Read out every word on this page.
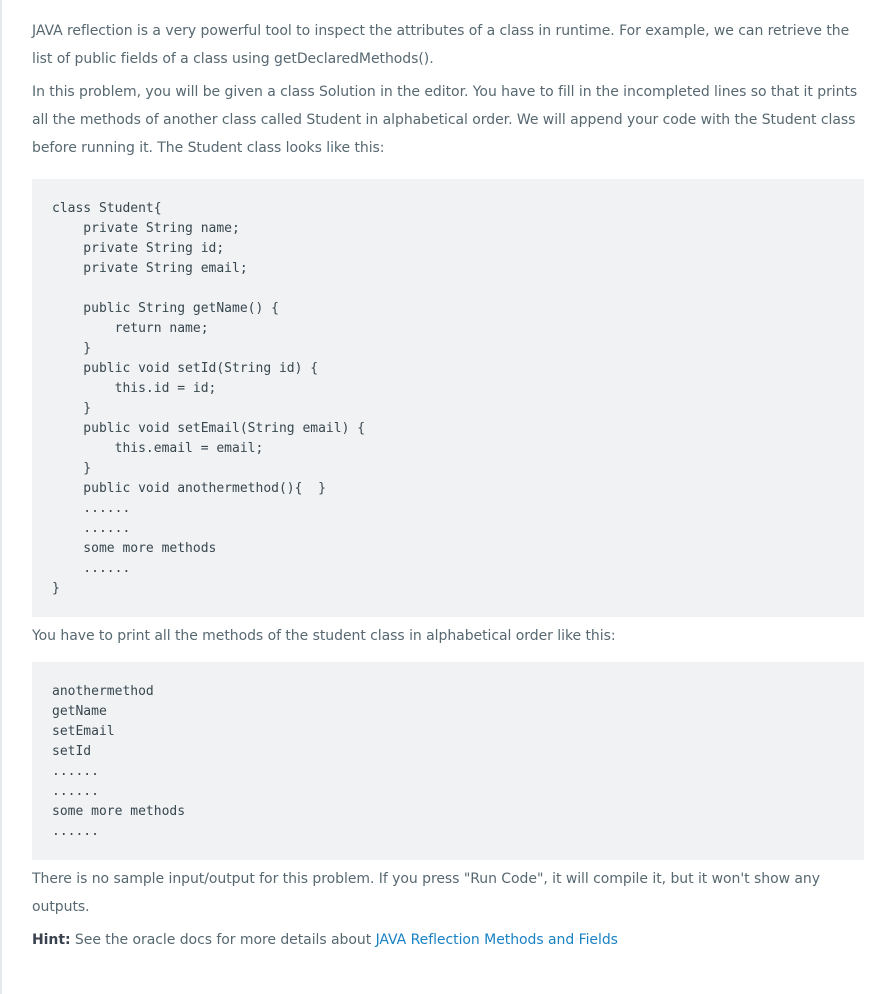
JAVA reflection is a very powerful tool to inspect the attributes of a class in runtime. For example, we can retrieve the list of public fields of a class using getDeclaredMethods().

In this problem, you will be given a class Solution in the editor. You have to fill in the incompleted lines so that it prints all the methods of another class called Student in alphabetical order. We will append your code with the Student class before running it. The Student class looks like this:

class Student{
private String name;
private String id;
private String email;

public String getName() {
return name;
}
public void setId(String id) {
this.id = id;
}
public void setEmail(String email) {
this.email = email;
}
public void anothermethod(){  }
......
......
some more methods
......
}

You have to print all the methods of the student class in alphabetical order like this:

anothermethod
getName
setEmail
setId
......
......
some more methods
......

There is no sample input/output for this problem. If you press "Run Code", it will compile it, but it won't show any outputs.

Hint: See the oracle docs for more details about JAVA Reflection Methods and Fields
